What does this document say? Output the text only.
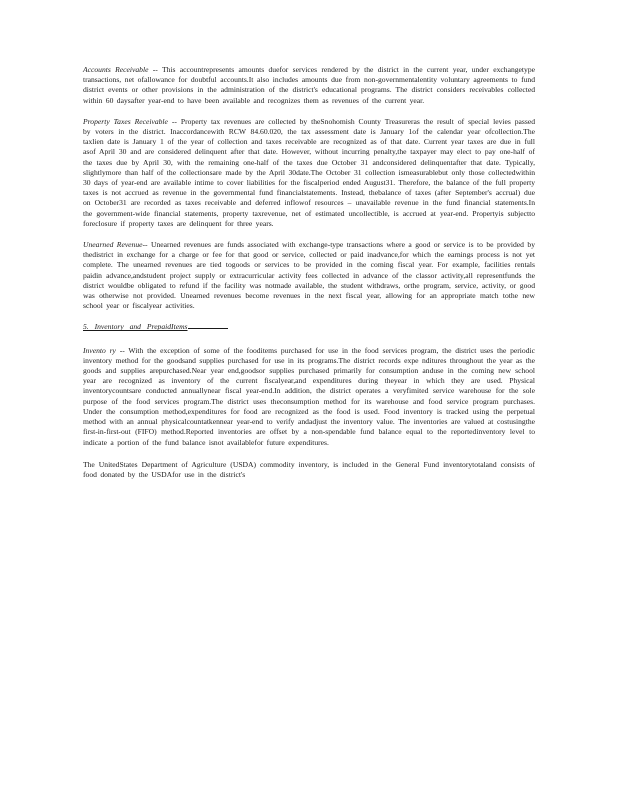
Accounts Receivable -- This accountrepresents amounts duefor services rendered by the district in the current year, under exchangetype transactions, net ofallowance for doubtful accounts.It also includes amounts due from non-governmentalentity voluntary agreements to fund district events or other provisions in the administration of the district's educational programs. The district considers receivables collected within 60 daysafter year-end to have been available and recognizes them as revenues of the current year.

Property Taxes Receivable -- Property tax revenues are collected by theSnohomish County Treasureras the result of special levies passed by voters in the district. Inaccordancewith RCW 84.60.020, the tax assessment date is January 1of the calendar year ofcollection.The taxlien date is January 1 of the year of collection and taxes receivable are recognized as of that date. Current year taxes are due in full asof April 30 and are considered delinquent after that date. However, without incurring penalty,the taxpayer may elect to pay one-half of the taxes due by April 30, with the remaining one-half of the taxes due October 31 andconsidered delinquentafter that date. Typically, slightlymore than half of the collectionsare made by the April 30date.The October 31 collection ismeasurablebut only those collectedwithin 30 days of year-end are available intime to cover liabilities for the fiscalperiod ended August31. Therefore, the balance of the full property taxes is not accrued as revenue in the governmental fund financialstatements. Instead, thebalance of taxes (after September's accrual) due on October31 are recorded as taxes receivable and deferred inflowof resources – unavailable revenue in the fund financial statements.In the government-wide financial statements, property taxrevenue, net of estimated uncollectible, is accrued at year-end. Propertyis subjectto foreclosure if property taxes are delinquent for three years.

Unearned Revenue-- Unearned revenues are funds associated with exchange-type transactions where a good or service is to be provided by thedistrict in exchange for a charge or fee for that good or service, collected or paid inadvance,for which the earnings process is not yet complete. The unearned revenues are tied togoods or services to be provided in the coming fiscal year. For example, facilities rentals paidin advance,andstudent project supply or extracurricular activity fees collected in advance of the classor activity,all representfunds the district wouldbe obligated to refund if the facility was notmade available, the student withdraws, orthe program, service, activity, or good was otherwise not provided. Unearned revenues become revenues in the next fiscal year, allowing for an appropriate match tothe new school year or fiscalyear activities.

5. Inventory and PrepaidItems

Invento ry -- With the exception of some of the fooditems purchased for use in the food services program, the district uses the periodic inventory method for the goodsand supplies purchased for use in its programs.The district records expe nditures throughout the year as the goods and supplies arepurchased.Near year end,goodsor supplies purchased primarily for consumption anduse in the coming new school year are recognized as inventory of the current fiscalyear,and expenditures during theyear in which they are used. Physical inventorycountsare conducted annuallynear fiscal year-end.In addition, the district operates a veryfimited service warehouse for the sole purpose of the food services program.The district uses theconsumption method for its warehouse and food service program purchases. Under the consumption method,expenditures for food are recognized as the food is used. Food inventory is tracked using the perpetual method with an annual physicalcountatkennear year-end to verify andadjust the inventory value. The inventories are valued at costusingthe first-in-first-out (FIFO) method.Reported inventories are offset by a non-spendable fund balance equal to the reportedinventory level to indicate a portion of the fund balance isnot availablefor future expenditures.

The UnitedStates Department of Agriculture (USDA) commodity inventory, is included in the General Fund inventorytotaland consists of food donated by the USDAfor use in the district's
